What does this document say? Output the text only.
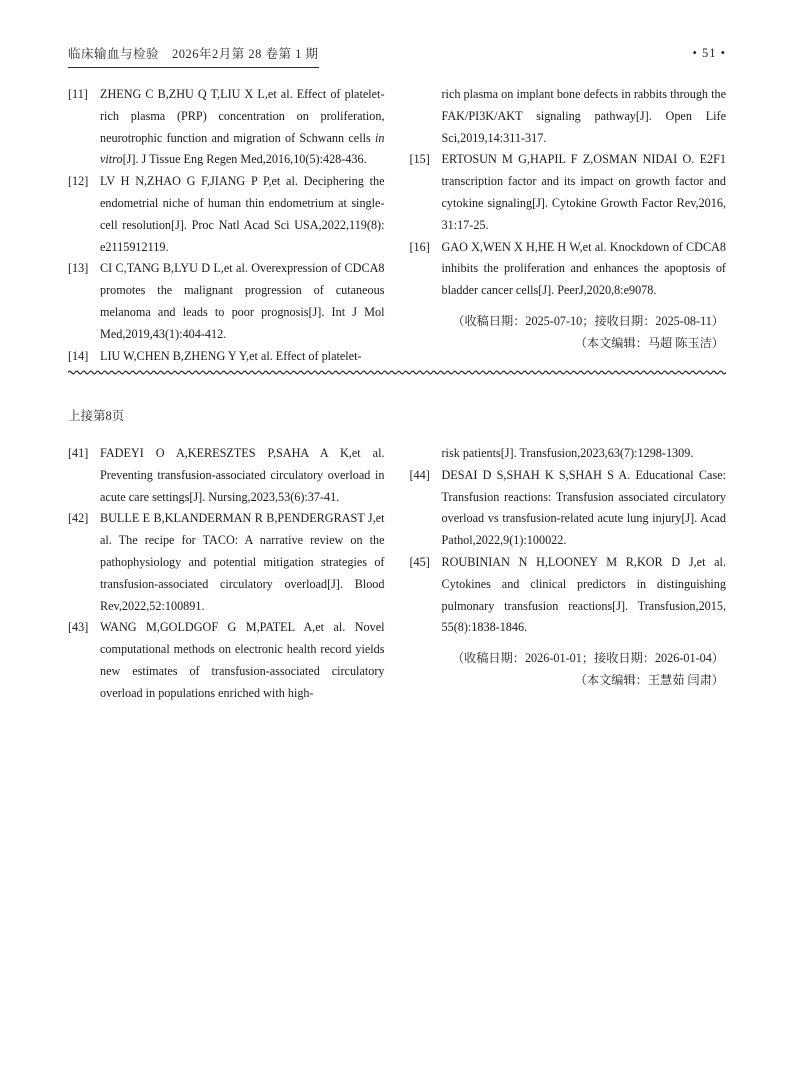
临床输血与检验　2026年2月第 28 卷第 1 期	• 51 •
[11] ZHENG C B,ZHU Q T,LIU X L,et al. Effect of platelet-rich plasma (PRP) concentration on proliferation, neurotrophic function and migration of Schwann cells in vitro[J]. J Tissue Eng Regen Med,2016,10(5):428-436.
[12] LV H N,ZHAO G F,JIANG P P,et al. Deciphering the endometrial niche of human thin endometrium at single-cell resolution[J]. Proc Natl Acad Sci USA,2022,119(8): e2115912119.
[13] CI C,TANG B,LYU D L,et al. Overexpression of CDCA8 promotes the malignant progression of cutaneous melanoma and leads to poor prognosis[J]. Int J Mol Med,2019,43(1):404-412.
[14] LIU W,CHEN B,ZHENG Y Y,et al. Effect of platelet-
rich plasma on implant bone defects in rabbits through the FAK/PI3K/AKT signaling pathway[J]. Open Life Sci,2019,14:311-317.
[15] ERTOSUN M G,HAPIL F Z,OSMAN NIDAI O. E2F1 transcription factor and its impact on growth factor and cytokine signaling[J]. Cytokine Growth Factor Rev,2016, 31:17-25.
[16] GAO X,WEN X H,HE H W,et al. Knockdown of CDCA8 inhibits the proliferation and enhances the apoptosis of bladder cancer cells[J]. PeerJ,2020,8:e9078.
（收稿日期：2025-07-10；接收日期：2025-08-11）
（本文编辑：马超 陈玉洁）
上接第8页
[41] FADEYI O A,KERESZTES P,SAHA A K,et al. Preventing transfusion-associated circulatory overload in acute care settings[J]. Nursing,2023,53(6):37-41.
[42] BULLE E B,KLANDERMAN R B,PENDERGRAST J,et al. The recipe for TACO: A narrative review on the pathophysiology and potential mitigation strategies of transfusion-associated circulatory overload[J]. Blood Rev,2022,52:100891.
[43] WANG M,GOLDGOF G M,PATEL A,et al. Novel computational methods on electronic health record yields new estimates of transfusion-associated circulatory overload in populations enriched with high-
risk patients[J]. Transfusion,2023,63(7):1298-1309.
[44] DESAI D S,SHAH K S,SHAH S A. Educational Case: Transfusion reactions: Transfusion associated circulatory overload vs transfusion-related acute lung injury[J]. Acad Pathol,2022,9(1):100022.
[45] ROUBINIAN N H,LOONEY M R,KOR D J,et al. Cytokines and clinical predictors in distinguishing pulmonary transfusion reactions[J]. Transfusion,2015, 55(8):1838-1846.
（收稿日期：2026-01-01；接收日期：2026-01-04）
（本文编辑：王慧茹 闫肃）
